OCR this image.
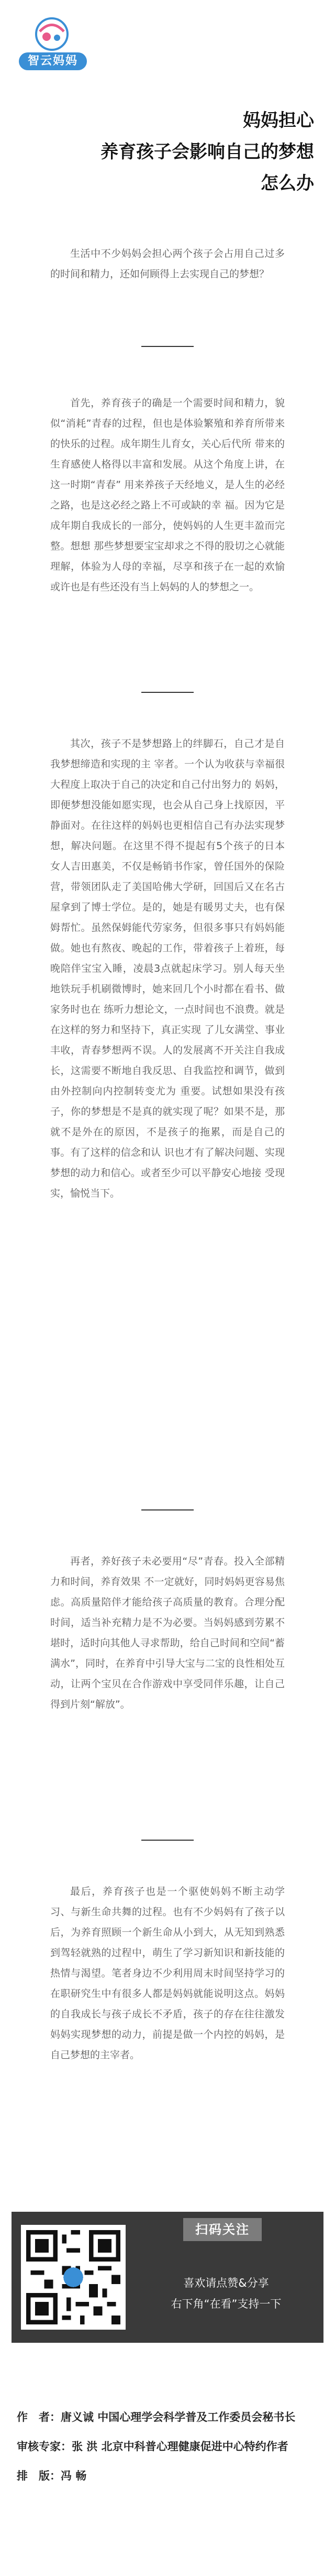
智云妈妈
妈妈担心
养育孩子会影响自己的梦想
怎么办

生活中不少妈妈会担心两个孩子会占用自己过多的时间和精力，还如何顾得上去实现自己的梦想？

首先，养育孩子的确是一个需要时间和精力，貌似“消耗”青春的过程，但也是体验繁殖和养育所带来的快乐的过程。成年期生儿育女，关心后代所 带来的生育感使人格得以丰富和发展。从这个角度上讲，在这一时期“青春” 用来养孩子天经地义，是人生的必经之路，也是这必经之路上不可或缺的幸 福。因为它是成年期自我成长的一部分，使妈妈的人生更丰盈而完整。想想 那些梦想要宝宝却求之不得的股切之心就能理解，体验为人母的幸福，尽享和孩子在一起的欢愉或许也是有些还没有当上妈妈的人的梦想之一。

其次，孩子不是梦想路上的绊脚石，自己才是自我梦想缔造和实现的主 宰者。一个认为收获与幸福很大程度上取决于自己的决定和自己付出努力的 妈妈，即便梦想没能如愿实现，也会从自己身上找原因，平静面对。在往这样的妈妈也更相信自己有办法实现梦想，解决问题。在这里不得不提起有5个孩子的日本女人吉田惠美，不仅是畅销书作家，曾任国外的保险营，带领团队走了美国哈佛大学研，回国后又在名古屋拿到了博士学位。是的，她是有暖男丈夫，也有保姆帮忙。虽然保姆能代劳家务，但很多事只有妈妈能做。她也有熬夜、晚起的工作，带着孩子上着班，每晚陪伴宝宝入睡，凌晨3点就起床学习。别人每天坐地铁玩手机刷微博时，她来回几个小时都在看书、做家务时也在 练听力想论文，一点时间也不浪费。就是在这样的努力和坚持下，真正实现 了儿女满堂、事业丰收，青春梦想两不误。人的发展离不开关注自我成长，这需要不断地自我反思、自我监控和调节，做到由外控制向内控制转变尤为 重要。试想如果没有孩子，你的梦想是不是真的就实现了呢？如果不是，那 就不是外在的原因，不是孩子的拖累，而是自己的事。有了这样的信念和认 识也才有了解决问题、实现梦想的动力和信心。或者至少可以平静安心地接 受现实，愉悦当下。

再者，养好孩子未必要用“尽”青春。投入全部精力和时间，养育效果 不一定就好，同时妈妈更容易焦虑。高质量陪伴才能给孩子高质量的教育。合理分配时间，适当补充精力是不为必要。当妈妈感到劳累不堪时，适时向其他人寻求帮助，给自己时间和空间“蓄满水”，同时，在养育中引导大宝与二宝的良性相处互动，让两个宝贝在合作游戏中享受同伴乐趣，让自己得到片刻“解放”。

最后，养育孩子也是一个驱使妈妈不断主动学习、与新生命共舞的过程。也有不少妈妈有了孩子以后，为养育照顾一个新生命从小到大，从无知到熟悉到驾轻就熟的过程中，萌生了学习新知识和新技能的热情与渴望。笔者身边不少利用周末时间坚持学习的在职研究生中有很多人都是妈妈就能说明这点。妈妈的自我成长与孩子成长不矛盾，孩子的存在往往激发妈妈实现梦想的动力，前提是做一个内控的妈妈，是自己梦想的主宰者。

扫码关注
喜欢请点赞&分享
右下角“在看”支持一下
作　者：唐义诚 中国心理学会科学普及工作委员会秘书长
审核专家：张 洪 北京中科普心理健康促进中心特约作者
排　版：冯 畅
